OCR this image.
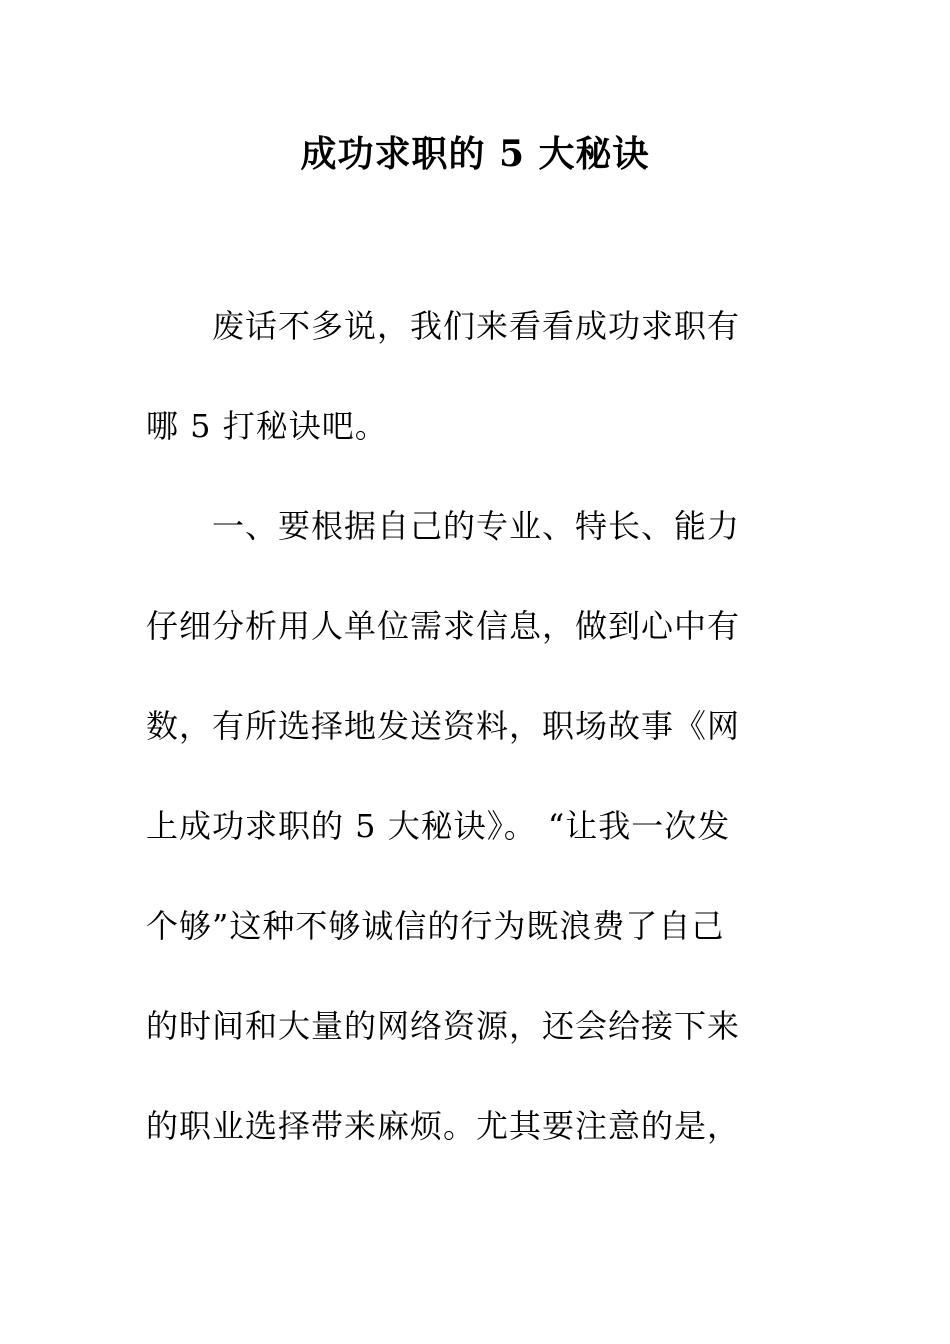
成功求职的 5 大秘诀
废话不多说，我们来看看成功求职有
哪 5 打秘诀吧。
一、要根据自己的专业、特长、能力
仔细分析用人单位需求信息，做到心中有
数，有所选择地发送资料，职场故事《网
上成功求职的 5 大秘诀》。 “让我一次发
个够”这种不够诚信的行为既浪费了自己
的时间和大量的网络资源，还会给接下来
的职业选择带来麻烦。尤其要注意的是，
